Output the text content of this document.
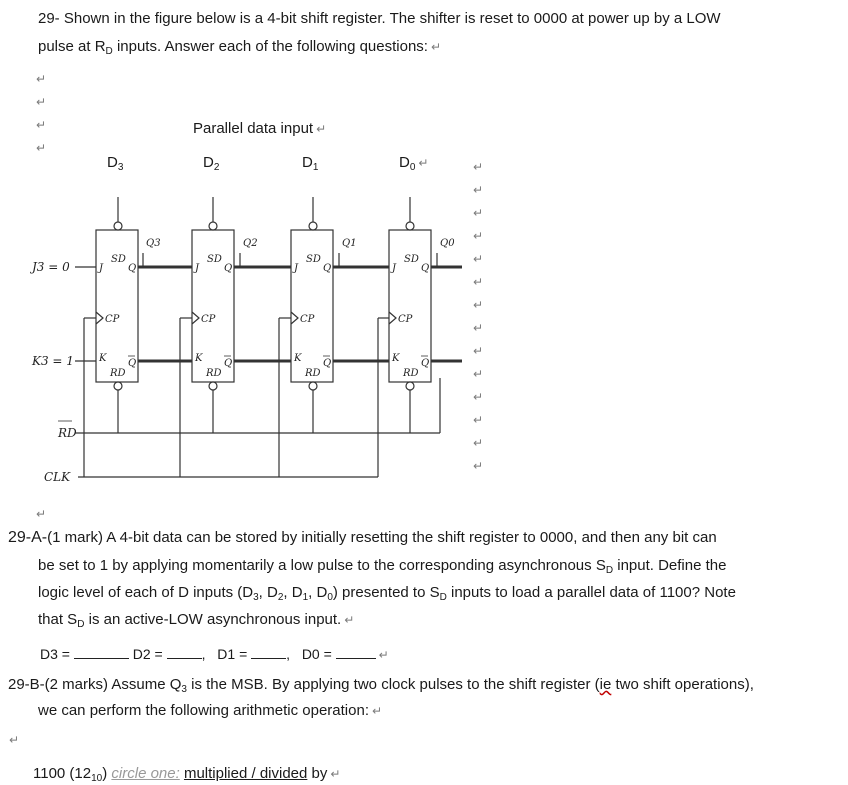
29- Shown in the figure below is a 4-bit shift register. The shifter is reset to 0000 at power up by a LOW
pulse at $R_D$ inputs. Answer each of the following questions: ↵
↵
↵
↵
↵
↵
↵
↵
↵
↵
↵
↵
↵
↵
↵
↵
↵
↵
↵
↵
↵
Parallel data input ↵
$D_3$	$D_2$	$D_1$	$D_0$ ↵
Q3	Q2	Q1	Q0
J
SD
Q
CP
K
RD
Q
J
SD
Q
CP
K
RD
Q
J
SD
Q
CP
K
RD
Q
J
SD
Q
CP
K
RD
Q
J3 = 0
K3 = 1
RD
CLK
29-A-(1 mark) A 4-bit data can be stored by initially resetting the shift register to 0000, and then any bit can
be set to 1 by applying momentarily a low pulse to the corresponding asynchronous $S_D$ input. Define the
logic level of each of D inputs ($D_3$, $D_2$, $D_1$, $D_0$) presented to $S_D$ inputs to load a parallel data of 1100? Note
that $S_D$ is an active-LOW asynchronous input. ↵
D3 =	D2 =	,  D1 =	,  D0 =	↵
29-B-(2 marks) Assume $Q_3$ is the MSB. By applying two clock pulses to the shift register (ie two shift operations),
we can perform the following arithmetic operation: ↵
1100 $(12_{10})$ circle one: multiplied / divided by ↵
